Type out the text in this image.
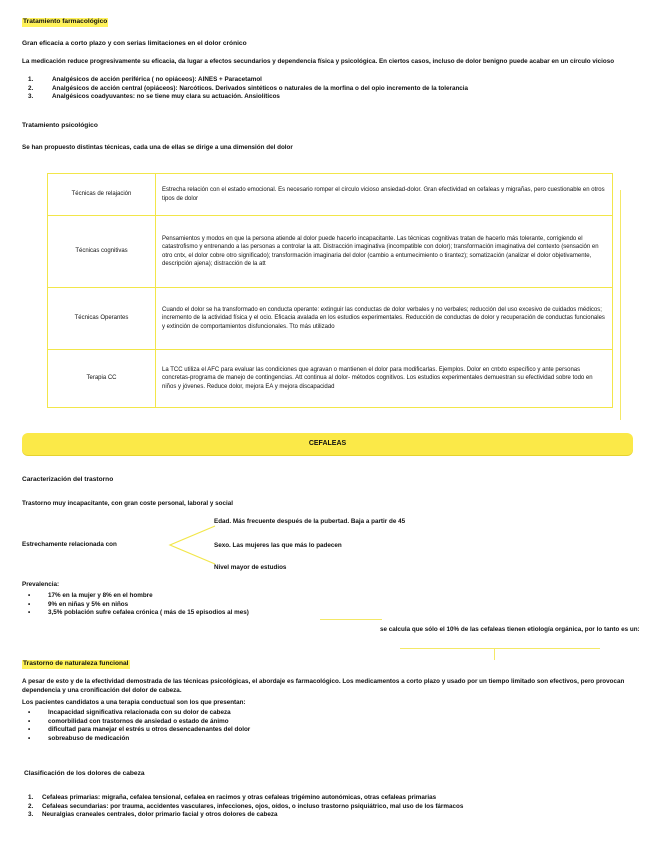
Tratamiento farmacológico
Gran eficacia a corto plazo y con serias limitaciones en el dolor crónico
La medicación reduce progresivamente su eficacia, da lugar a efectos secundarios y dependencia física y psicológica. En ciertos casos, incluso de dolor benigno puede acabar en un círculo vicioso
1.	Analgésicos de acción periférica ( no opiáceos): AINES + Paracetamol
2.	Analgésicos de acción central (opiáceos): Narcóticos. Derivados sintéticos o naturales de la morfina o del opio incremento de la tolerancia
3.	Analgésicos coadyuvantes: no se tiene muy clara su actuación. Ansiolíticos
Tratamiento psicológico
Se han propuesto distintas técnicas, cada una de ellas se dirige a una dimensión del dolor
Técnicas de relajación	Estrecha relación con el estado emocional. Es necesario romper el círculo vicioso ansiedad-dolor. Gran efectividad en cefaleas y migrañas, pero cuestionable en otros tipos de dolor
Técnicas cognitivas	Pensamientos y modos en que la persona atiende al dolor puede hacerlo incapacitante. Las técnicas cognitivas tratan de hacerlo más tolerante, corrigiendo el catastrofismo y entrenando a las personas a controlar la att. Distracción imaginativa (incompatible con dolor); transformación imaginativa del contexto (sensación en otro cntx, el dolor cobre otro significado); transformación imaginaria del dolor (cambio a entumecimiento o tirantez); somatización (analizar el dolor objetivamente, descripción ajena); distracción de la att
Técnicas Operantes	Cuando el dolor se ha transformado en conducta operante: extinguir las conductas de dolor verbales y no verbales; reducción del uso excesivo de cuidados médicos; incremento de la actividad física y el ocio. Eficacia avalada en los estudios experimentales. Reducción de conductas de dolor y recuperación de conductas funcionales y extinción de comportamientos disfuncionales. Tto más utilizado
Terapia CC	La TCC utiliza el AFC para evaluar las condiciones que agravan o mantienen el dolor para modificarlas. Ejemplos. Dolor en cntxto específico y ante personas concretas-programa de manejo de contingencias. Att continua al dolor- métodos cognitivos. Los estudios experimentales demuestran su efectividad sobre todo en niños y jóvenes. Reduce dolor, mejora EA y mejora discapacidad
CEFALEAS
Caracterización del trastorno
Trastorno muy incapacitante, con gran coste personal, laboral y social
Estrechamente relacionada con
Edad. Más frecuente después de la pubertad. Baja a partir de 45
Sexo. Las mujeres las que más lo padecen
Nivel mayor de estudios
Prevalencia:
•	17% en la mujer y 8% en el hombre
•	9% en niñas y 5% en niños
•	3,5% población sufre cefalea crónica ( más de 15 episodios al mes)
se calcula que sólo el 10% de las cefaleas tienen etiología orgánica, por lo tanto es un:
Trastorno de naturaleza funcional
A pesar de esto y de la efectividad demostrada de las técnicas psicológicas, el abordaje es farmacológico. Los medicamentos a corto plazo y usado por un tiempo limitado son efectivos, pero provocan dependencia y una cronificación del dolor de cabeza.
Los pacientes candidatos a una terapia conductual son los que presentan:
•	Incapacidad significativa relacionada con su dolor de cabeza
•	comorbilidad con trastornos de ansiedad o estado de ánimo
•	dificultad para manejar el estrés u otros desencadenantes del dolor
•	sobreabuso de medicación
Clasificación de los dolores de cabeza
1. Cefaleas primarias: migraña, cefalea tensional, cefalea en racimos y otras cefaleas trigémino autonómicas, otras cefaleas primarias
2. Cefaleas secundarias: por trauma, accidentes vasculares, infecciones, ojos, oídos, o incluso trastorno psiquiátrico, mal uso de los fármacos
3. Neuralgias craneales centrales, dolor primario facial y otros dolores de cabeza
